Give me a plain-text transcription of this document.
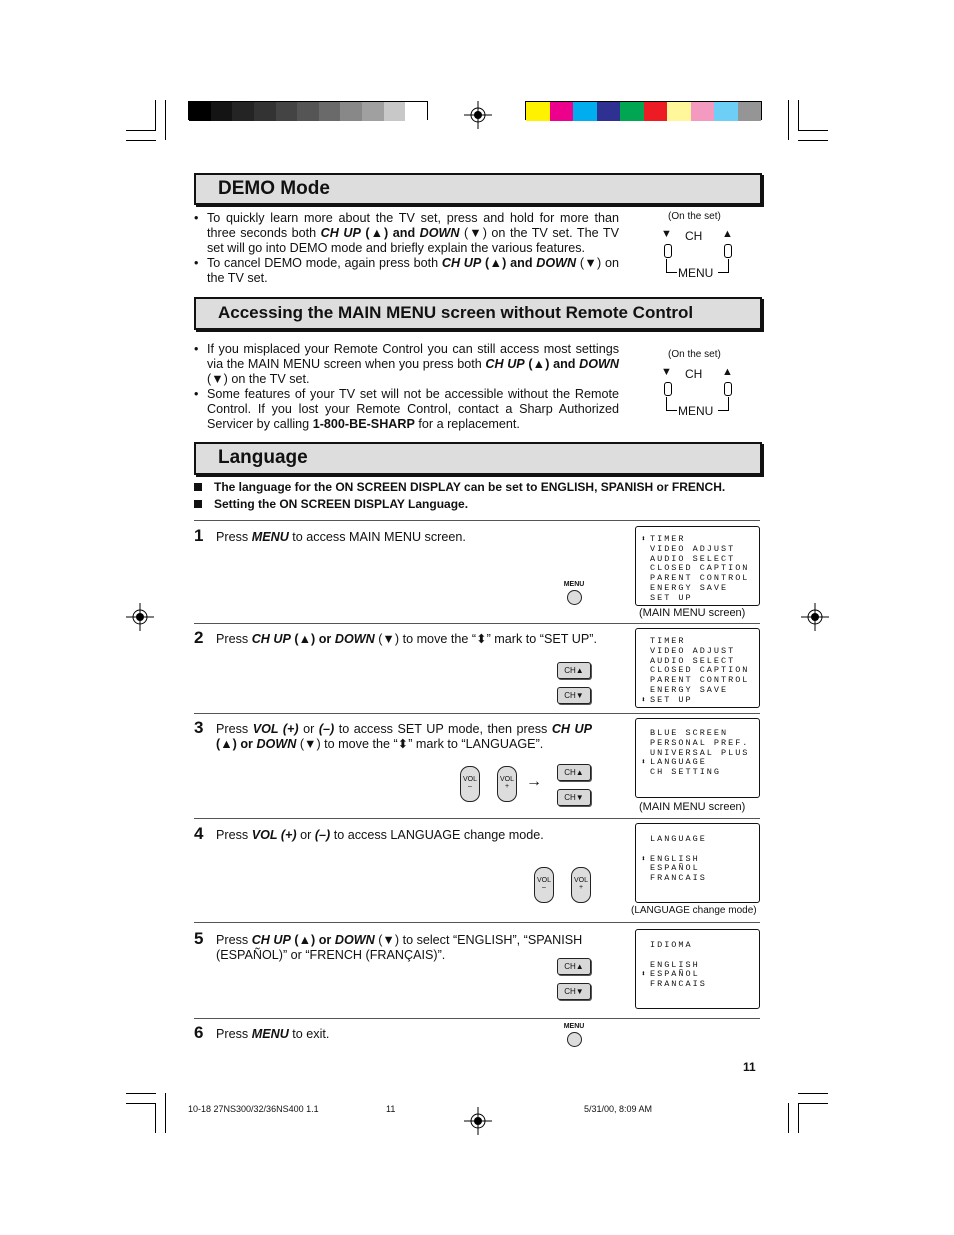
DEMO Mode
• To quickly learn more about the TV set, press and hold for more than three seconds both CH UP (▲) and DOWN (▼) on the TV set. The TV set will go into DEMO mode and briefly explain the various features.
• To cancel DEMO mode, again press both CH UP (▲) and DOWN (▼) on the TV set.
(On the set)
▼ CH ▲
MENU
Accessing the MAIN MENU screen without Remote Control
• If you misplaced your Remote Control you can still access most settings via the MAIN MENU screen when you press both CH UP (▲) and DOWN (▼) on the TV set.
• Some features of your TV set will not be accessible without the Remote Control. If you lost your Remote Control, contact a Sharp Authorized Servicer by calling 1-800-BE-SHARP for a replacement.
(On the set)
▼ CH ▲
MENU
Language
The language for the ON SCREEN DISPLAY can be set to ENGLISH, SPANISH or FRENCH.
Setting the ON SCREEN DISPLAY Language.
1 Press MENU to access MAIN MENU screen.
MENU
⬍ TIMER
VIDEO ADJUST
AUDIO SELECT
CLOSED CAPTION
PARENT CONTROL
ENERGY SAVE
SET UP
(MAIN MENU screen)
2 Press CH UP (▲) or DOWN (▼) to move the “⬍” mark to “SET UP”.
CH▲
CH▼
TIMER
VIDEO ADJUST
AUDIO SELECT
CLOSED CAPTION
PARENT CONTROL
ENERGY SAVE
⬍ SET UP
3 Press VOL (+) or (–) to access SET UP mode, then press CH UP (▲) or DOWN (▼) to move the “⬍” mark to “LANGUAGE”.
VOL
–
VOL
+	→
CH▲
CH▼
BLUE SCREEN
PERSONAL PREF.
UNIVERSAL PLUS
⬍ LANGUAGE
CH SETTING
(MAIN MENU screen)
4 Press VOL (+) or (–) to access LANGUAGE change mode.
VOL
–
VOL
+
LANGUAGE
⬍ ENGLISH
ESPAÑOL
FRANCAIS
(LANGUAGE change mode)
5 Press CH UP (▲) or DOWN (▼) to select “ENGLISH”, “SPANISH (ESPAÑOL)” or “FRENCH (FRANÇAIS)”.
CH▲
CH▼
IDIOMA
ENGLISH
⬍ ESPAÑOL
FRANCAIS
6 Press MENU to exit.
MENU
11
10-18 27NS300/32/36NS400 1.1	11	5/31/00, 8:09 AM
